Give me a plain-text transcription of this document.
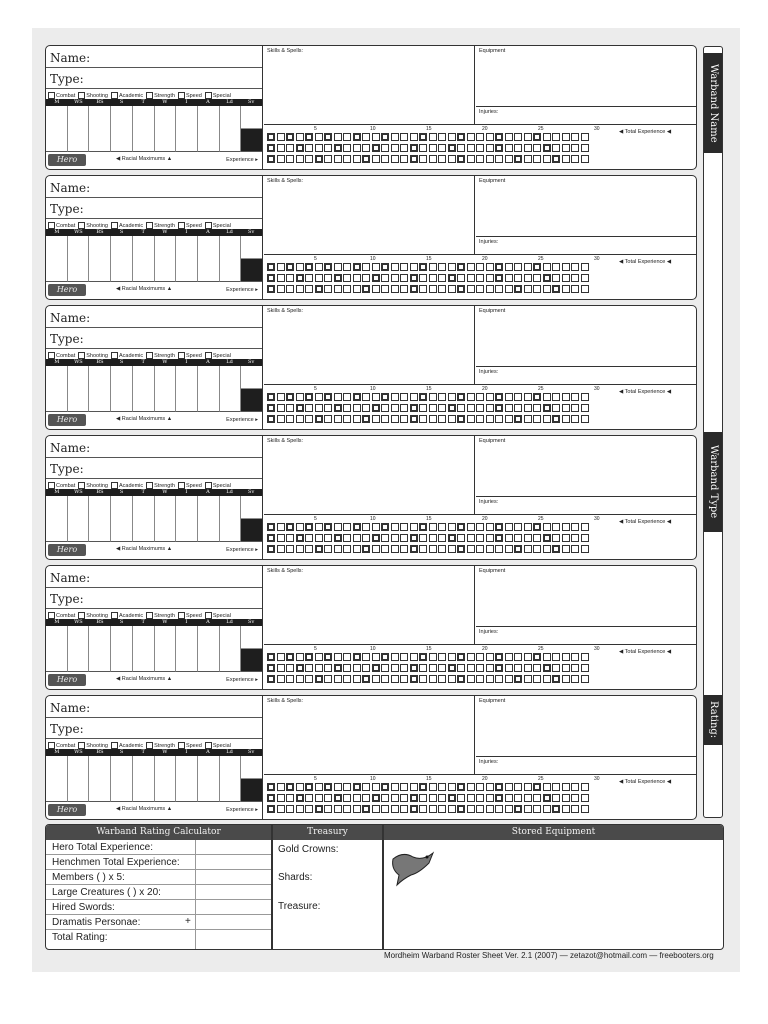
Name:
Type:
Combat Shooting Academic Strength Speed Special
M	WS	BS	S	T	W	I	A	Ld	Sv
Hero	◀ Racial Maximums ▲	Experience ▸
Skills & Spells:	Equipment
Injuries:
5	10	15	20	25	30	◀ Total Experience ◀
Name:
Type:
Combat Shooting Academic Strength Speed Special
M	WS	BS	S	T	W	I	A	Ld	Sv
Hero	◀ Racial Maximums ▲	Experience ▸
Skills & Spells:	Equipment
Injuries:
5	10	15	20	25	30	◀ Total Experience ◀
Name:
Type:
Combat Shooting Academic Strength Speed Special
M	WS	BS	S	T	W	I	A	Ld	Sv
Hero	◀ Racial Maximums ▲	Experience ▸
Skills & Spells:	Equipment
Injuries:
5	10	15	20	25	30	◀ Total Experience ◀
Name:
Type:
Combat Shooting Academic Strength Speed Special
M	WS	BS	S	T	W	I	A	Ld	Sv
Hero	◀ Racial Maximums ▲	Experience ▸
Skills & Spells:	Equipment
Injuries:
5	10	15	20	25	30	◀ Total Experience ◀
Name:
Type:
Combat Shooting Academic Strength Speed Special
M	WS	BS	S	T	W	I	A	Ld	Sv
Hero	◀ Racial Maximums ▲	Experience ▸
Skills & Spells:	Equipment
Injuries:
5	10	15	20	25	30	◀ Total Experience ◀
Name:
Type:
Combat Shooting Academic Strength Speed Special
M	WS	BS	S	T	W	I	A	Ld	Sv
Hero	◀ Racial Maximums ▲	Experience ▸
Skills & Spells:	Equipment
Injuries:
5	10	15	20	25	30	◀ Total Experience ◀
Warband Name
Warband Type
Rating:
Warband Rating Calculator	Treasury	Stored Equipment
Hero Total Experience:
Henchmen Total Experience:
Members ( ) x 5:
Large Creatures ( ) x 20:
Hired Swords:
Dramatis Personae:
Total Rating:
+
Gold Crowns:
Shards:
Treasure:
Mordheim Warband Roster Sheet Ver. 2.1 (2007) — zetazot@hotmail.com — freebooters.org
